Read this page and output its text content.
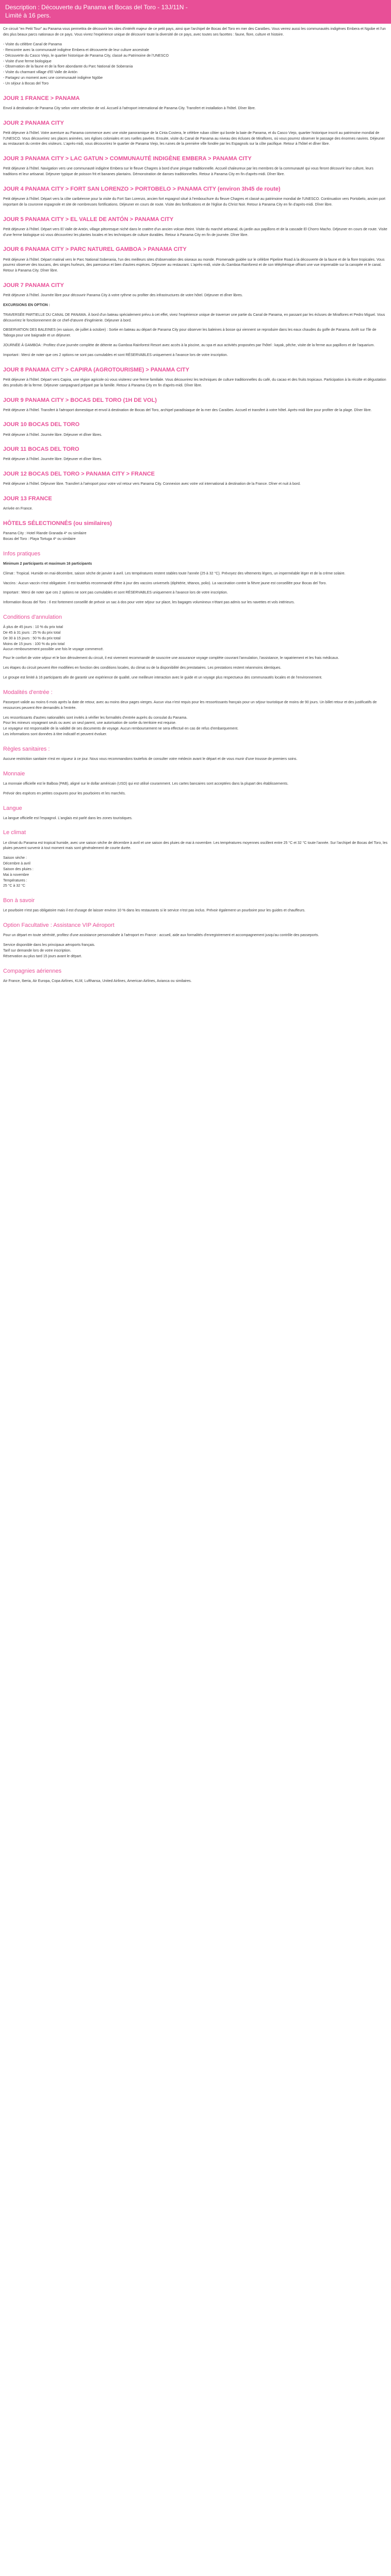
Description : Découverte du Panama et Bocas del Toro - 13J/11N -
Limité à 16 pers.

Ce circuit "en Petit Tour" au Panama vous permettra de découvrir les sites d'intérêt majeur de ce petit pays, ainsi que l'archipel de Bocas del Toro en mer des Caraïbes. Vous verrez aussi les communautés indigènes Embera et Ngobe et l'un des plus beaux parcs nationaux de ce pays. Vous vivrez l'expérience unique de découvrir toute la diversité de ce pays, avec toutes ses facettes : faune, flore, culture et histoire.

- Visite du célèbre Canal de Panama
- Rencontre avec la communauté indigène Embera et découverte de leur culture ancestrale
- Découverte du Casco Viejo, le quartier historique de Panama City, classé au Patrimoine de l'UNESCO
- Visite d'une ferme biologique
- Observation de la faune et de la flore abondante du Parc National de Soberania
- Visite du charmant village d'El Valle de Antón
- Partagez un moment avec une communauté indigène Ngöbe
- Un séjour à Bocas del Toro
JOUR 1 FRANCE > PANAMA

Envol à destination de Panama City selon votre sélection de vol. Accueil à l'aéroport international de Panama City. Transfert et installation à l'hôtel. Dîner libre.

JOUR 2 PANAMA CITY

Petit déjeuner à l'hôtel. Votre aventure au Panama commence avec une visite panoramique de la Cinta Costera, le célèbre ruban côtier qui borde la baie de Panama, et du Casco Viejo, quartier historique inscrit au patrimoine mondial de l'UNESCO. Vous découvrirez ses places animées, ses églises coloniales et ses ruelles pavées. Ensuite, visite du Canal de Panama au niveau des écluses de Miraflores, où vous pourrez observer le passage des énormes navires. Déjeuner au restaurant du centre des visiteurs. L'après-midi, vous découvrirez le quartier de Panama Viejo, les ruines de la première ville fondée par les Espagnols sur la côte pacifique. Retour à l'hôtel et dîner libre.

JOUR 3 PANAMA CITY > LAC GATUN > COMMUNAUTÉ INDIGÈNE EMBERA > PANAMA CITY

Petit déjeuner à l'hôtel. Navigation vers une communauté indigène Embera sur le fleuve Chagres à bord d'une pirogue traditionnelle. Accueil chaleureux par les membres de la communauté qui vous feront découvrir leur culture, leurs traditions et leur artisanat. Déjeuner typique de poisson frit et bananes plantains. Démonstration de danses traditionnelles. Retour à Panama City en fin d'après-midi. Dîner libre.

JOUR 4 PANAMA CITY > FORT SAN LORENZO > PORTOBELO > PANAMA CITY (environ 3h45 de route)

Petit déjeuner à l'hôtel. Départ vers la côte caribéenne pour la visite du Fort San Lorenzo, ancien fort espagnol situé à l'embouchure du fleuve Chagres et classé au patrimoine mondial de l'UNESCO. Continuation vers Portobelo, ancien port important de la couronne espagnole et site de nombreuses fortifications. Déjeuner en cours de route. Visite des fortifications et de l'église du Christ Noir. Retour à Panama City en fin d'après-midi. Dîner libre.

JOUR 5 PANAMA CITY > EL VALLE DE ANTÓN > PANAMA CITY

Petit déjeuner à l'hôtel. Départ vers El Valle de Antón, village pittoresque niché dans le cratère d'un ancien volcan éteint. Visite du marché artisanal, du jardin aux papillons et de la cascade El Chorro Macho. Déjeuner en cours de route. Visite d'une ferme biologique où vous découvrirez les plantes locales et les techniques de culture durables. Retour à Panama City en fin de journée. Dîner libre.

JOUR 6 PANAMA CITY > PARC NATUREL GAMBOA > PANAMA CITY

Petit déjeuner à l'hôtel. Départ matinal vers le Parc National Soberania, l'un des meilleurs sites d'observation des oiseaux au monde. Promenade guidée sur le célèbre Pipeline Road à la découverte de la faune et de la flore tropicales. Vous pourrez observer des toucans, des singes hurleurs, des paresseux et bien d'autres espèces. Déjeuner au restaurant. L'après-midi, visite du Gamboa Rainforest et de son téléphérique offrant une vue imprenable sur la canopée et le canal. Retour à Panama City. Dîner libre.

JOUR 7 PANAMA CITY

Petit déjeuner à l'hôtel. Journée libre pour découvrir Panama City à votre rythme ou profiter des infrastructures de votre hôtel. Déjeuner et dîner libres.

EXCURSIONS EN OPTION :

TRAVERSÉE PARTIELLE DU CANAL DE PANAMA. À bord d'un bateau spécialement prévu à cet effet, vivez l'expérience unique de traverser une partie du Canal de Panama, en passant par les écluses de Miraflores et Pedro Miguel. Vous découvrirez le fonctionnement de ce chef-d'œuvre d'ingénierie. Déjeuner à bord.

OBSERVATION DES BALEINES (en saison, de juillet à octobre) : Sortie en bateau au départ de Panama City pour observer les baleines à bosse qui viennent se reproduire dans les eaux chaudes du golfe de Panama. Arrêt sur l'île de Taboga pour une baignade et un déjeuner.

JOURNÉE À GAMBOA : Profitez d'une journée complète de détente au Gamboa Rainforest Resort avec accès à la piscine, au spa et aux activités proposées par l'hôtel : kayak, pêche, visite de la ferme aux papillons et de l'aquarium.

Important : Merci de noter que ces 2 options ne sont pas cumulables et sont RÉSERVABLES uniquement à l'avance lors de votre inscription.

JOUR 8 PANAMA CITY > CAPIRA (AGROTOURISME) > PANAMA CITY

Petit déjeuner à l'hôtel. Départ vers Capira, une région agricole où vous visiterez une ferme familiale. Vous découvrirez les techniques de culture traditionnelles du café, du cacao et des fruits tropicaux. Participation à la récolte et dégustation des produits de la ferme. Déjeuner campagnard préparé par la famille. Retour à Panama City en fin d'après-midi. Dîner libre.

JOUR 9 PANAMA CITY > BOCAS DEL TORO (1H DE VOL)

Petit déjeuner à l'hôtel. Transfert à l'aéroport domestique et envol à destination de Bocas del Toro, archipel paradisiaque de la mer des Caraïbes. Accueil et transfert à votre hôtel. Après-midi libre pour profiter de la plage. Dîner libre.

JOUR 10 BOCAS DEL TORO

Petit déjeuner à l'hôtel. Journée libre. Déjeuner et dîner libres.

JOUR 11 BOCAS DEL TORO

Petit déjeuner à l'hôtel. Journée libre. Déjeuner et dîner libres.

JOUR 12 BOCAS DEL TORO > PANAMA CITY > FRANCE

Petit déjeuner à l'hôtel. Déjeuner libre. Transfert à l'aéroport pour votre vol retour vers Panama City. Connexion avec votre vol international à destination de la France. Dîner et nuit à bord.

JOUR 13 FRANCE

Arrivée en France.

HÔTELS SÉLECTIONNÉS (ou similaires)
Panama City : Hotel Riande Granada 4* ou similaire
Bocas del Toro : Playa Tortuga 4* ou similaire
Infos pratiques

Minimum 2 participants et maximum 16 participants

Climat : Tropical. Humide en mai-décembre, saison sèche de janvier à avril. Les températures restent stables toute l'année (25 à 32 °C). Prévoyez des vêtements légers, un imperméable léger et de la crème solaire.

Vaccins : Aucun vaccin n'est obligatoire. Il est toutefois recommandé d'être à jour des vaccins universels (diphtérie, tétanos, polio). La vaccination contre la fièvre jaune est conseillée pour Bocas del Toro.

Important : Merci de noter que ces 2 options ne sont pas cumulables et sont RÉSERVABLES uniquement à l'avance lors de votre inscription.

Information Bocas del Toro : Il est fortement conseillé de prévoir un sac à dos pour votre séjour sur place, les bagages volumineux n'étant pas admis sur les navettes et vols intérieurs.

Conditions d'annulation
À plus de 45 jours : 10 % du prix total
De 45 à 31 jours : 25 % du prix total
De 30 à 15 jours : 50 % du prix total
Moins de 15 jours : 100 % du prix total
Aucun remboursement possible une fois le voyage commencé.

Pour le confort de votre séjour et le bon déroulement du circuit, il est vivement recommandé de souscrire une assurance voyage complète couvrant l'annulation, l'assistance, le rapatriement et les frais médicaux.

Les étapes du circuit peuvent être modifiées en fonction des conditions locales, du climat ou de la disponibilité des prestataires. Les prestations restent néanmoins identiques.

Le groupe est limité à 16 participants afin de garantir une expérience de qualité, une meilleure interaction avec le guide et un voyage plus respectueux des communautés locales et de l'environnement.

Modalités d'entrée :

Passeport valide au moins 6 mois après la date de retour, avec au moins deux pages vierges. Aucun visa n'est requis pour les ressortissants français pour un séjour touristique de moins de 90 jours. Un billet retour et des justificatifs de ressources peuvent être demandés à l'entrée.

Les ressortissants d'autres nationalités sont invités à vérifier les formalités d'entrée auprès du consulat du Panama.
Pour les mineurs voyageant seuls ou avec un seul parent, une autorisation de sortie du territoire est requise.
Le voyageur est responsable de la validité de ses documents de voyage. Aucun remboursement ne sera effectué en cas de refus d'embarquement.
Les informations sont données à titre indicatif et peuvent évoluer.
Règles sanitaires :

Aucune restriction sanitaire n'est en vigueur à ce jour. Nous vous recommandons toutefois de consulter votre médecin avant le départ et de vous munir d'une trousse de premiers soins.

Monnaie

La monnaie officielle est le Balboa (PAB), aligné sur le dollar américain (USD) qui est utilisé couramment. Les cartes bancaires sont acceptées dans la plupart des établissements.

Prévoir des espèces en petites coupures pour les pourboires et les marchés.

Langue

La langue officielle est l'espagnol. L'anglais est parlé dans les zones touristiques.

Le climat

Le climat du Panama est tropical humide, avec une saison sèche de décembre à avril et une saison des pluies de mai à novembre. Les températures moyennes oscillent entre 25 °C et 32 °C toute l'année. Sur l'archipel de Bocas del Toro, les pluies peuvent survenir à tout moment mais sont généralement de courte durée.

Saison sèche :
Décembre à avril
Saison des pluies :
Mai à novembre
Températures :
25 °C à 32 °C
Bon à savoir

Le pourboire n'est pas obligatoire mais il est d'usage de laisser environ 10 % dans les restaurants si le service n'est pas inclus. Prévoir également un pourboire pour les guides et chauffeurs.

Option Facultative : Assistance VIP Aéroport

Pour un départ en toute sérénité, profitez d'une assistance personnalisée à l'aéroport en France : accueil, aide aux formalités d'enregistrement et accompagnement jusqu'au contrôle des passeports.

Service disponible dans les principaux aéroports français.
Tarif sur demande lors de votre inscription.
Réservation au plus tard 15 jours avant le départ.
Compagnies aériennes

Air France, Iberia, Air Europa, Copa Airlines, KLM, Lufthansa, United Airlines, American Airlines, Avianca ou similaires.
